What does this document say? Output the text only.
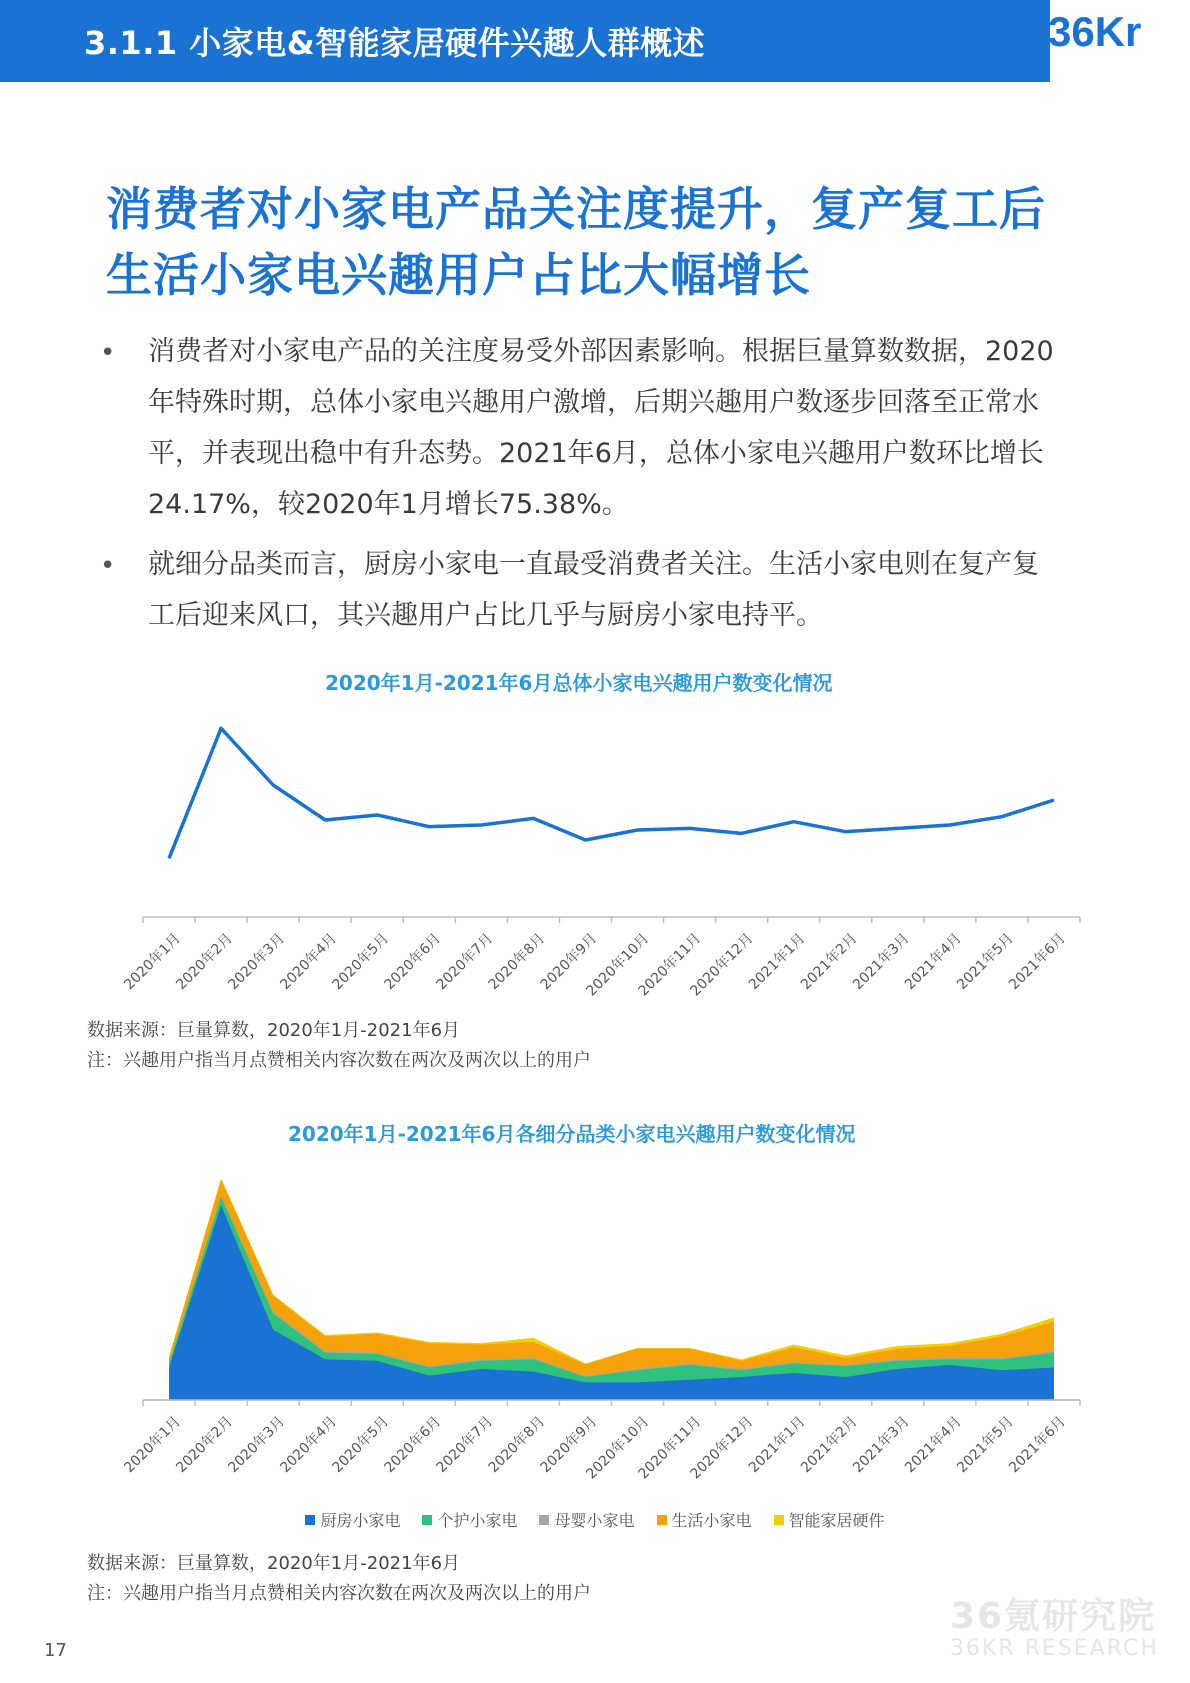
3.1.1 小家电&智能家居硬件兴趣人群概述	36Kr
消费者对小家电产品关注度提升，复产复工后
生活小家电兴趣用户占比大幅增长
• 消费者对小家电产品的关注度易受外部因素影响。根据巨量算数数据，2020
年特殊时期，总体小家电兴趣用户激增，后期兴趣用户数逐步回落至正常水
平，并表现出稳中有升态势。2021年6月，总体小家电兴趣用户数环比增长
24.17%，较2020年1月增长75.38%。
• 就细分品类而言，厨房小家电一直最受消费者关注。生活小家电则在复产复
工后迎来风口，其兴趣用户占比几乎与厨房小家电持平。
2020年1月-2021年6月总体小家电兴趣用户数变化情况
2020年1月
2020年2月
2020年3月
2020年4月
2020年5月
2020年6月
2020年7月
2020年8月
2020年9月
2020年10月
2020年11月
2020年12月
2021年1月
2021年2月
2021年3月
2021年4月
2021年5月
2021年6月
数据来源：巨量算数，2020年1月-2021年6月
注：兴趣用户指当月点赞相关内容次数在两次及两次以上的用户
2020年1月-2021年6月各细分品类小家电兴趣用户数变化情况
2020年1月
2020年2月
2020年3月
2020年4月
2020年5月
2020年6月
2020年7月
2020年8月
2020年9月
2020年10月
2020年11月
2020年12月
2021年1月
2021年2月
2021年3月
2021年4月
2021年5月
2021年6月
厨房小家电 个护小家电 母婴小家电 生活小家电 智能家居硬件
数据来源：巨量算数，2020年1月-2021年6月
注：兴趣用户指当月点赞相关内容次数在两次及两次以上的用户
17
36氪研究院
36KR RESEARCH
